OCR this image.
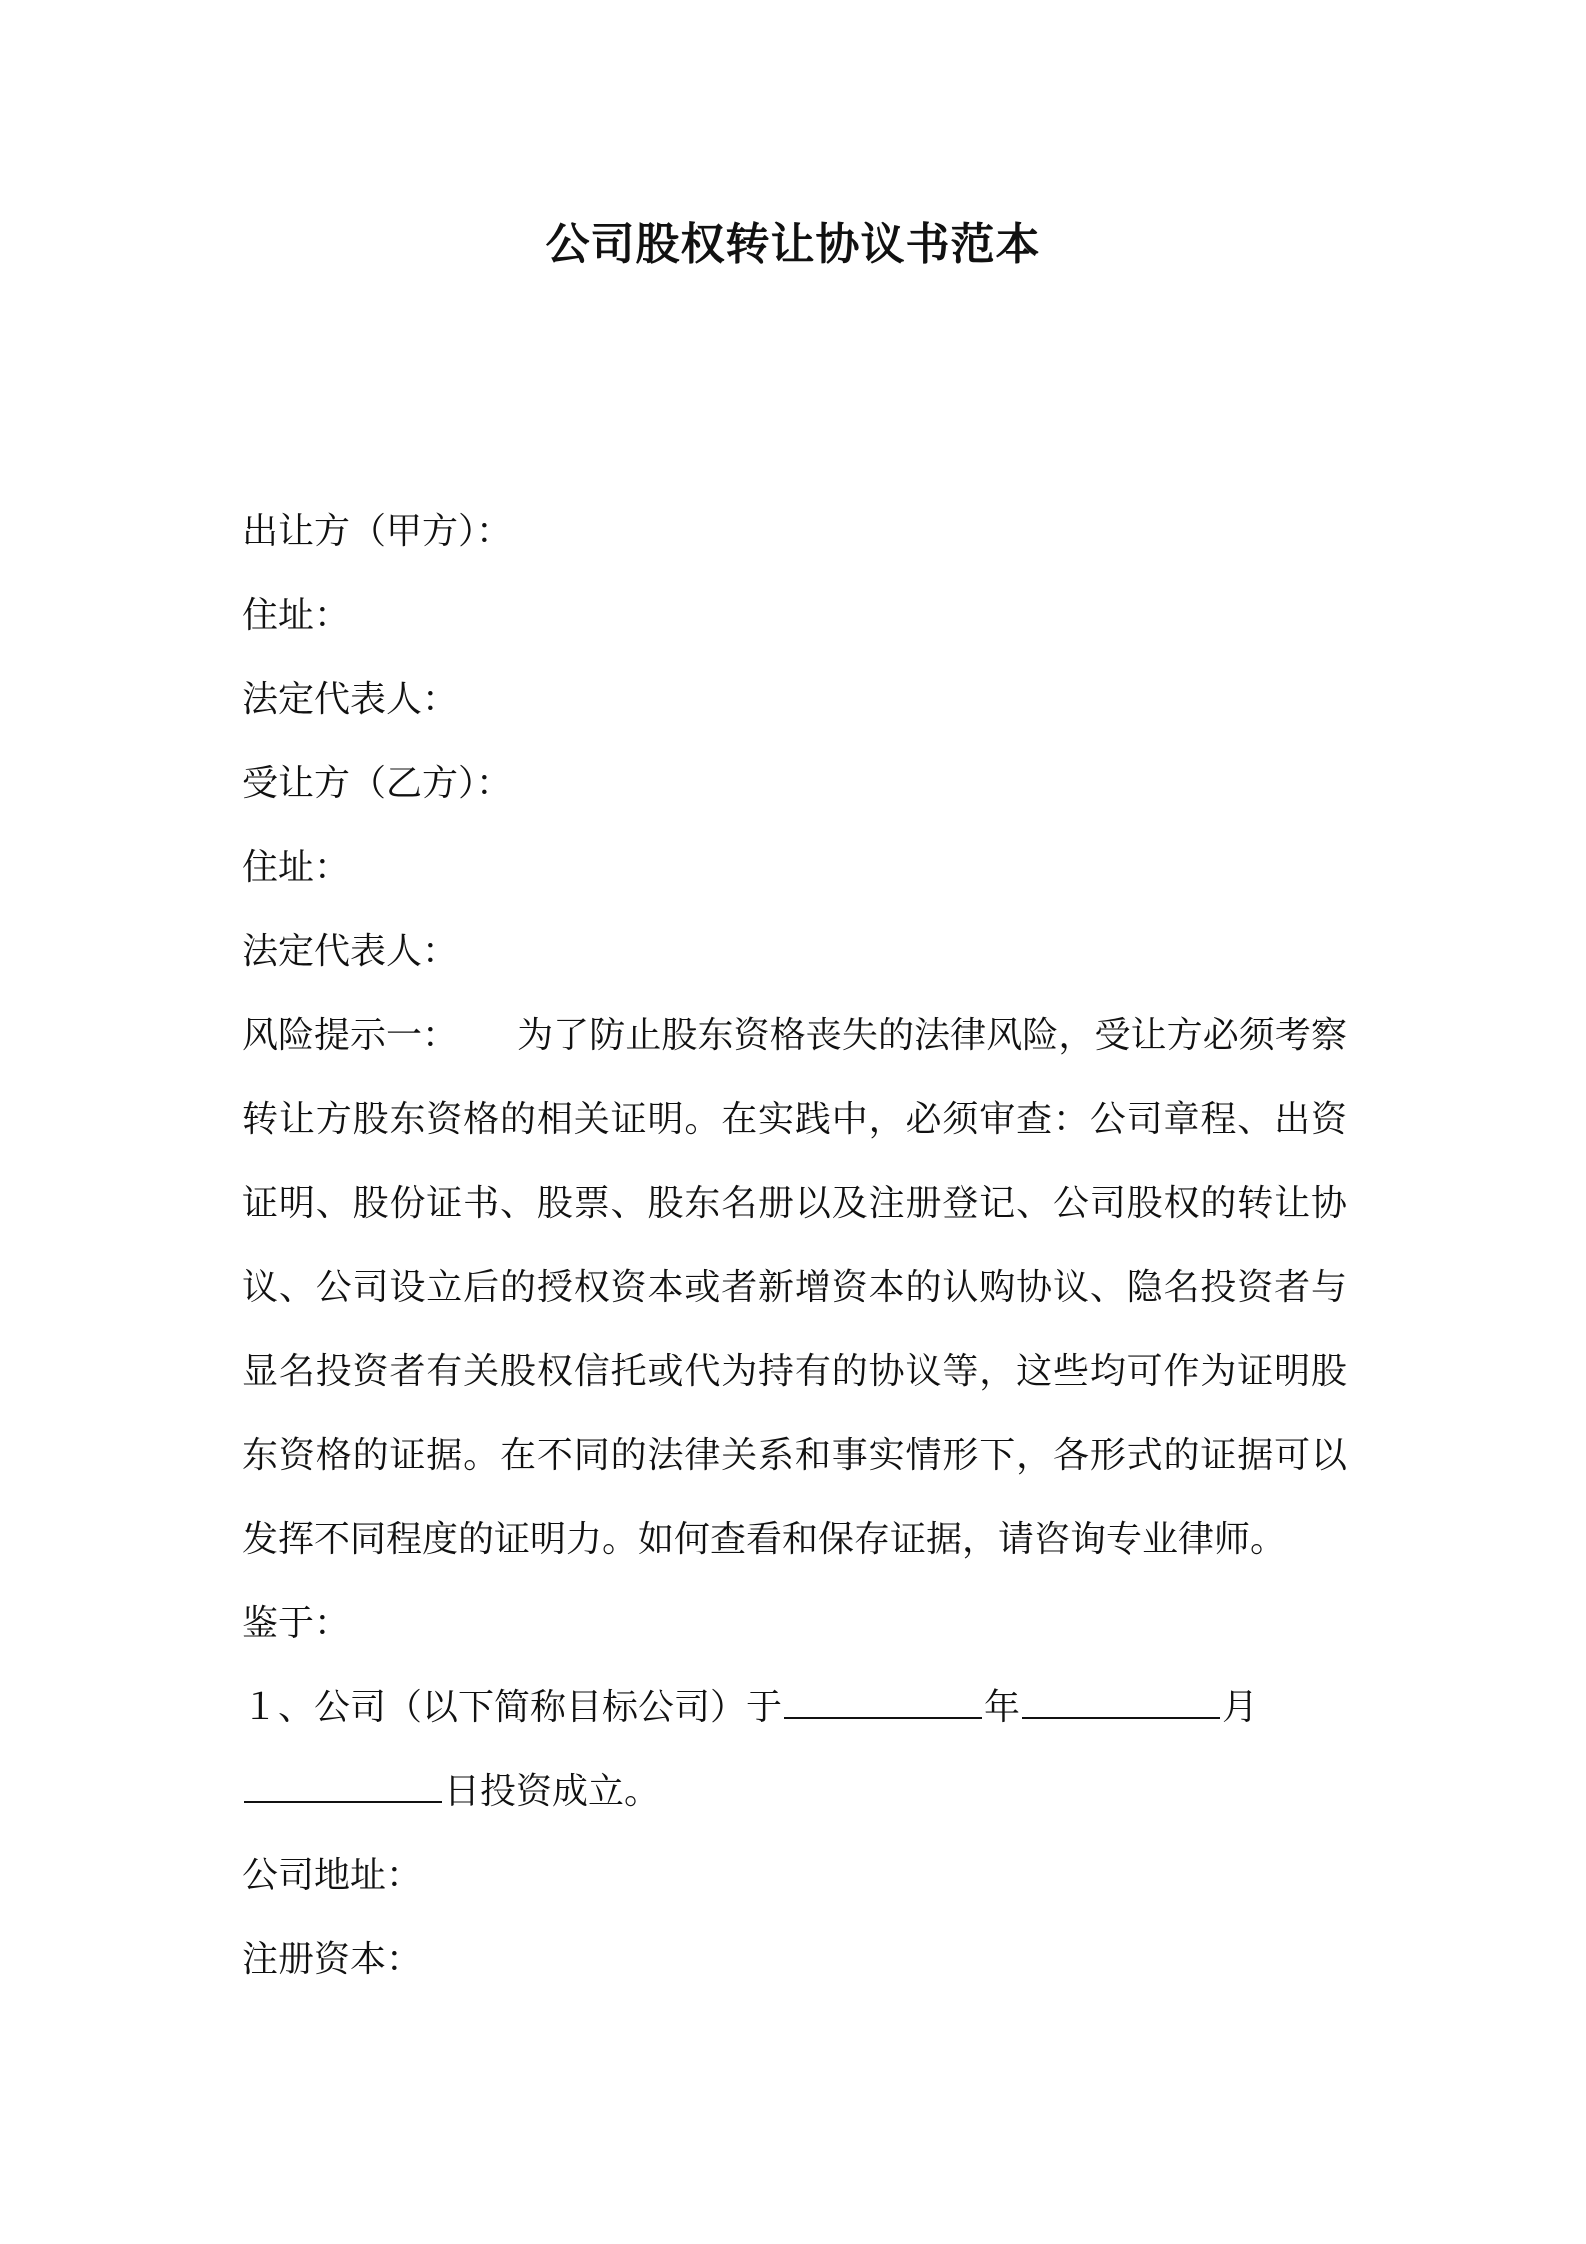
公司股权转让协议书范本
出让方（甲方）：
住址：
法定代表人：
受让方（乙方）：
住址：
法定代表人：
风险提示一： 为了防止股东资格丧失的法律风险，受让方必须考察转让方股东资格的相关证明。在实践中，必须审查：公司章程、出资证明、股份证书、股票、股东名册以及注册登记、公司股权的转让协议、公司设立后的授权资本或者新增资本的认购协议、隐名投资者与显名投资者有关股权信托或代为持有的协议等，这些均可作为证明股东资格的证据。在不同的法律关系和事实情形下，各形式的证据可以发挥不同程度的证明力。如何查看和保存证据，请咨询专业律师。
鉴于：
１、公司（以下简称目标公司）于	年	月
日投资成立。
公司地址：
注册资本：
